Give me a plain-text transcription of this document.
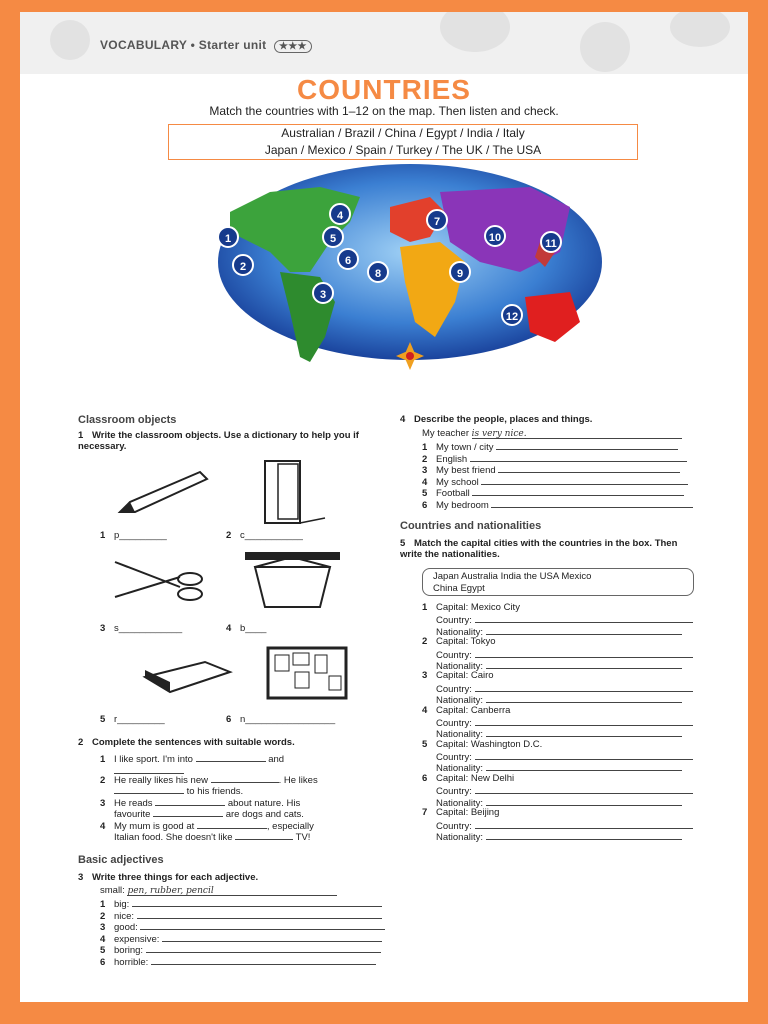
VOCABULARY • Starter unit ★★★
COUNTRIES
Match the countries with 1–12 on the map. Then listen and check.
Australian / Brazil / China / Egypt / India / Italy
Japan / Mexico / Spain / Turkey / The UK / The USA
1
2
3
4
5
6
7
8	9
10	11
12
Classroom objects
1 Write the classroom objects. Use a dictionary to help you if necessary.
1 p_________	2 c___________
3 s____________	4 b____
5 r_________	6 n_________________
2 Complete the sentences with suitable words.
1 I like sport. I'm into	and
2 He really likes his new	. He likes
to his friends.
3 He reads	about nature. His
favourite	are dogs and cats.
4 My mum is good at	, especially
Italian food. She doesn't like	TV!
Basic adjectives
3 Write three things for each adjective.
small: pen, rubber, pencil
1 big:
2 nice:
3 good:
4 expensive:
5 boring:
6 horrible:
4 Describe the people, places and things.
My teacher is very nice.
1 My town / city
2 English
3 My best friend
4 My school
5 Football
6 My bedroom
Countries and nationalities
5 Match the capital cities with the countries in the box. Then write the nationalities.
Japan Australia India the USA Mexico
China Egypt
1 Capital: Mexico City
Country:
Nationality:
2 Capital: Tokyo
Country:
Nationality:
3 Capital: Cairo
Country:
Nationality:
4 Capital: Canberra
Country:
Nationality:
5 Capital: Washington D.C.
Country:
Nationality:
6 Capital: New Delhi
Country:
Nationality:
7 Capital: Beijing
Country:
Nationality:
